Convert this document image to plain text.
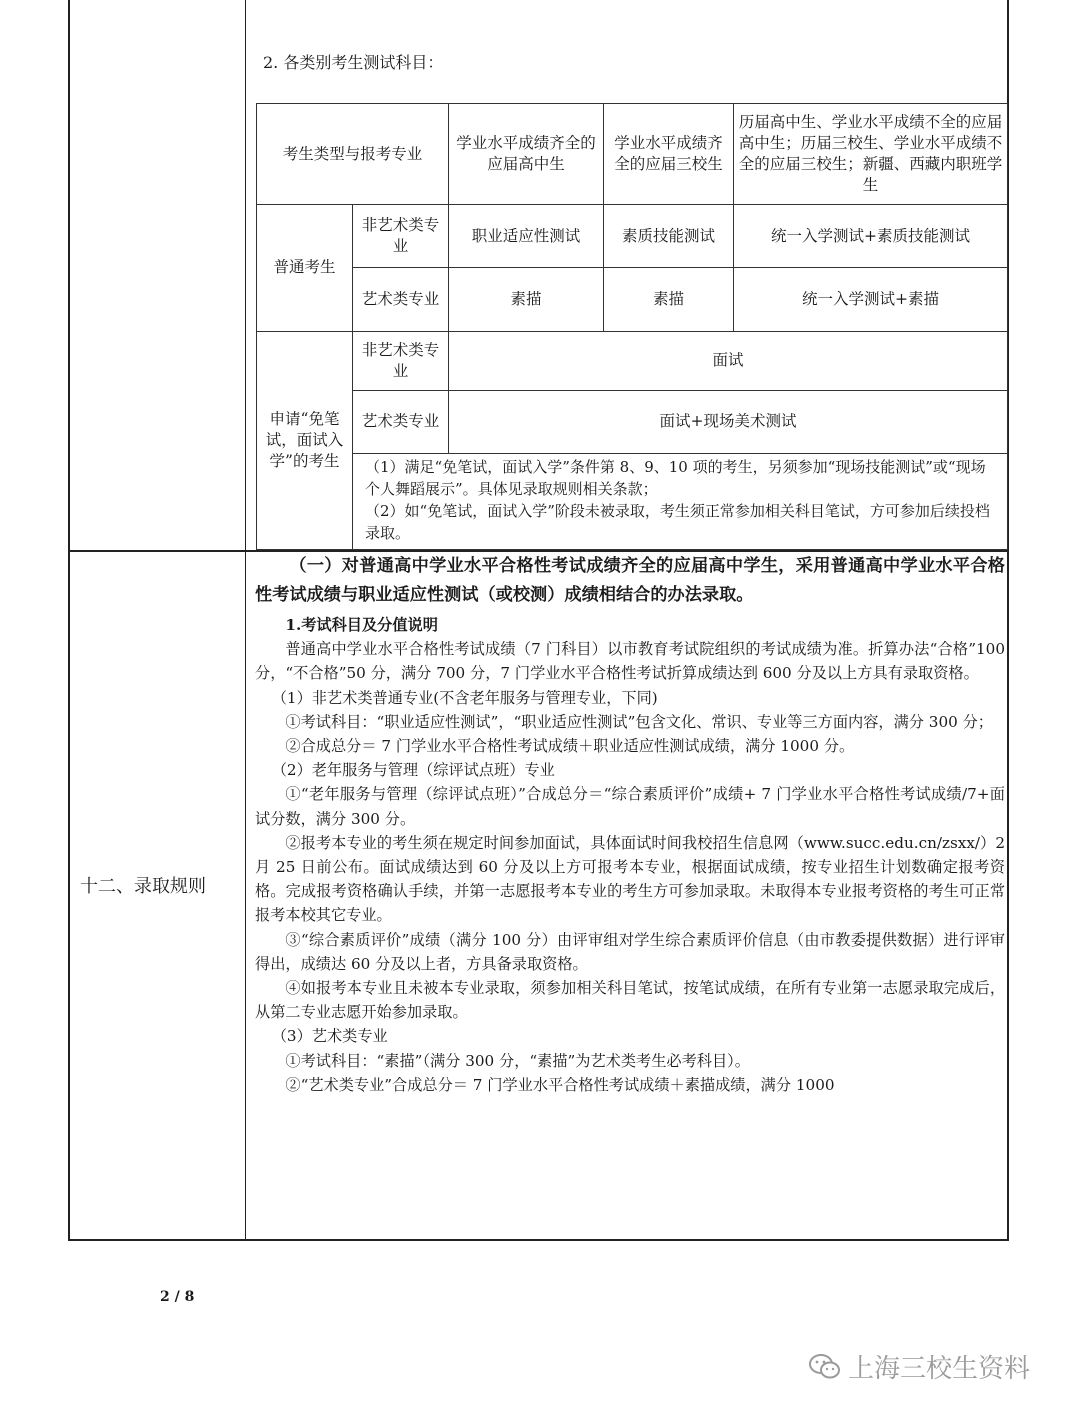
2. 各类别考生测试科目：
考生类型与报考专业		学业水平成绩齐全的应届高中生	学业水平成绩齐全的应届三校生	历届高中生、学业水平成绩不全的应届高中生；历届三校生、学业水平成绩不全的应届三校生；新疆、西藏内职班学生
普通考生	非艺术类专业	职业适应性测试	素质技能测试	统一入学测试+素质技能测试
	艺术类专业	素描	素描	统一入学测试+素描
申请“免笔试，面试入学”的考生	非艺术类专业	面试		
	艺术类专业	面试+现场美术测试		

	（1）满足“免笔试，面试入学”条件第 8、9、10 项的考生，另须参加“现场技能测试”或“现场个人舞蹈展示”。具体见录取规则相关条款；
（2）如“免笔试，面试入学”阶段未被录取，考生须正常参加相关科目笔试，方可参加后续投档录取。			
十二、录取规则

（一）对普通高中学业水平合格性考试成绩齐全的应届高中学生，采用普通高中学业水平合格性考试成绩与职业适应性测试（或校测）成绩相结合的办法录取。

1.考试科目及分值说明

普通高中学业水平合格性考试成绩（7 门科目）以市教育考试院组织的考试成绩为准。折算办法“合格”100 分，“不合格”50 分，满分 700 分，7 门学业水平合格性考试折算成绩达到 600 分及以上方具有录取资格。

（1）非艺术类普通专业(不含老年服务与管理专业，下同)

①考试科目：“职业适应性测试”，“职业适应性测试”包含文化、常识、专业等三方面内容，满分 300 分；

②合成总分＝ 7 门学业水平合格性考试成绩＋职业适应性测试成绩，满分 1000 分。

（2）老年服务与管理（综评试点班）专业

①“老年服务与管理（综评试点班）”合成总分＝“综合素质评价”成绩+ 7 门学业水平合格性考试成绩/7+面试分数，满分 300 分。

②报考本专业的考生须在规定时间参加面试，具体面试时间我校招生信息网（www.succ.edu.cn/zsxx/）2 月 25 日前公布。面试成绩达到 60 分及以上方可报考本专业，根据面试成绩，按专业招生计划数确定报考资格。完成报考资格确认手续，并第一志愿报考本专业的考生方可参加录取。未取得本专业报考资格的考生可正常报考本校其它专业。

③“综合素质评价”成绩（满分 100 分）由评审组对学生综合素质评价信息（由市教委提供数据）进行评审得出，成绩达 60 分及以上者，方具备录取资格。

④如报考本专业且未被本专业录取，须参加相关科目笔试，按笔试成绩，在所有专业第一志愿录取完成后，从第二专业志愿开始参加录取。

（3）艺术类专业

①考试科目：“素描”（满分 300 分，“素描”为艺术类考生必考科目）。

②“艺术类专业”合成总分＝ 7 门学业水平合格性考试成绩＋素描成绩，满分 1000

2 / 8
上海三校生资料
